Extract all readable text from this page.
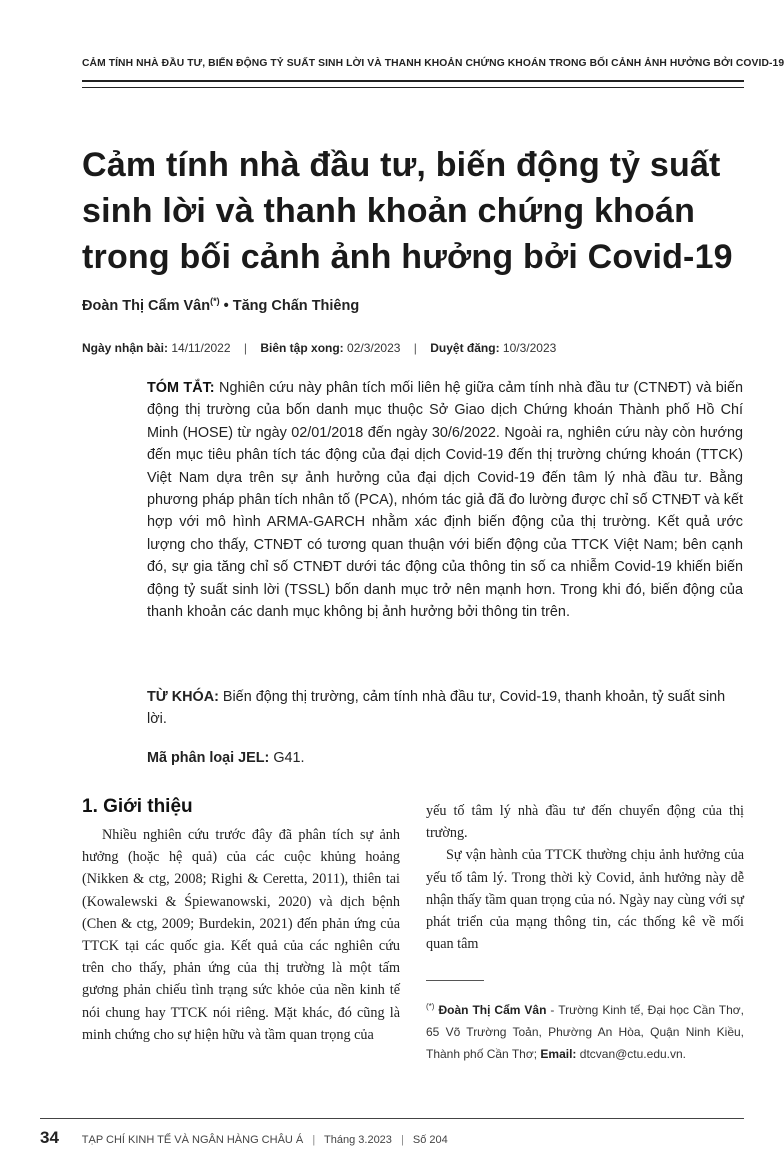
CẢM TÍNH NHÀ ĐẦU TƯ, BIẾN ĐỘNG TỶ SUẤT SINH LỜI VÀ THANH KHOẢN CHỨNG KHOÁN TRONG BỐI CẢNH ẢNH HƯỞNG BỞI COVID-19
Cảm tính nhà đầu tư, biến động tỷ suất sinh lời và thanh khoản chứng khoán trong bối cảnh ảnh hưởng bởi Covid-19
Đoàn Thị Cẩm Vân(*) • Tăng Chấn Thiêng
Ngày nhận bài: 14/11/2022 | Biên tập xong: 02/3/2023 | Duyệt đăng: 10/3/2023

TÓM TẮT: Nghiên cứu này phân tích mối liên hệ giữa cảm tính nhà đầu tư (CTNĐT) và biến động thị trường của bốn danh mục thuộc Sở Giao dịch Chứng khoán Thành phố Hồ Chí Minh (HOSE) từ ngày 02/01/2018 đến ngày 30/6/2022. Ngoài ra, nghiên cứu này còn hướng đến mục tiêu phân tích tác động của đại dịch Covid-19 đến thị trường chứng khoán (TTCK) Việt Nam dựa trên sự ảnh hưởng của đại dịch Covid-19 đến tâm lý nhà đầu tư. Bằng phương pháp phân tích nhân tố (PCA), nhóm tác giả đã đo lường được chỉ số CTNĐT và kết hợp với mô hình ARMA-GARCH nhằm xác định biến động của thị trường. Kết quả ước lượng cho thấy, CTNĐT có tương quan thuận với biến động của TTCK Việt Nam; bên cạnh đó, sự gia tăng chỉ số CTNĐT dưới tác động của thông tin số ca nhiễm Covid-19 khiến biến động tỷ suất sinh lời (TSSL) bốn danh mục trở nên mạnh hơn. Trong khi đó, biến động của thanh khoản các danh mục không bị ảnh hưởng bởi thông tin trên.

TỪ KHÓA: Biến động thị trường, cảm tính nhà đầu tư, Covid-19, thanh khoản, tỷ suất sinh lời.

Mã phân loại JEL: G41.

1. Giới thiệu

Nhiều nghiên cứu trước đây đã phân tích sự ảnh hưởng (hoặc hệ quả) của các cuộc khủng hoảng (Nikken & ctg, 2008; Righi & Ceretta, 2011), thiên tai (Kowalewski & Śpiewanowski, 2020) và dịch bệnh (Chen & ctg, 2009; Burdekin, 2021) đến phản ứng của TTCK tại các quốc gia. Kết quả của các nghiên cứu trên cho thấy, phản ứng của thị trường là một tấm gương phản chiếu tình trạng sức khỏe của nền kinh tế nói chung hay TTCK nói riêng. Mặt khác, đó cũng là minh chứng cho sự hiện hữu và tầm quan trọng của

yếu tố tâm lý nhà đầu tư đến chuyển động của thị trường.

Sự vận hành của TTCK thường chịu ảnh hưởng của yếu tố tâm lý. Trong thời kỳ Covid, ảnh hưởng này dễ nhận thấy tầm quan trọng của nó. Ngày nay cùng với sự phát triển của mạng thông tin, các thống kê về mối quan tâm

(*) Đoàn Thị Cẩm Vân - Trường Kinh tế, Đại học Cần Thơ, 65 Võ Trường Toản, Phường An Hòa, Quận Ninh Kiều, Thành phố Cần Thơ; Email: dtcvan@ctu.edu.vn.

34 TẠP CHÍ KINH TẾ VÀ NGÂN HÀNG CHÂU Á | Tháng 3.2023 | Số 204
